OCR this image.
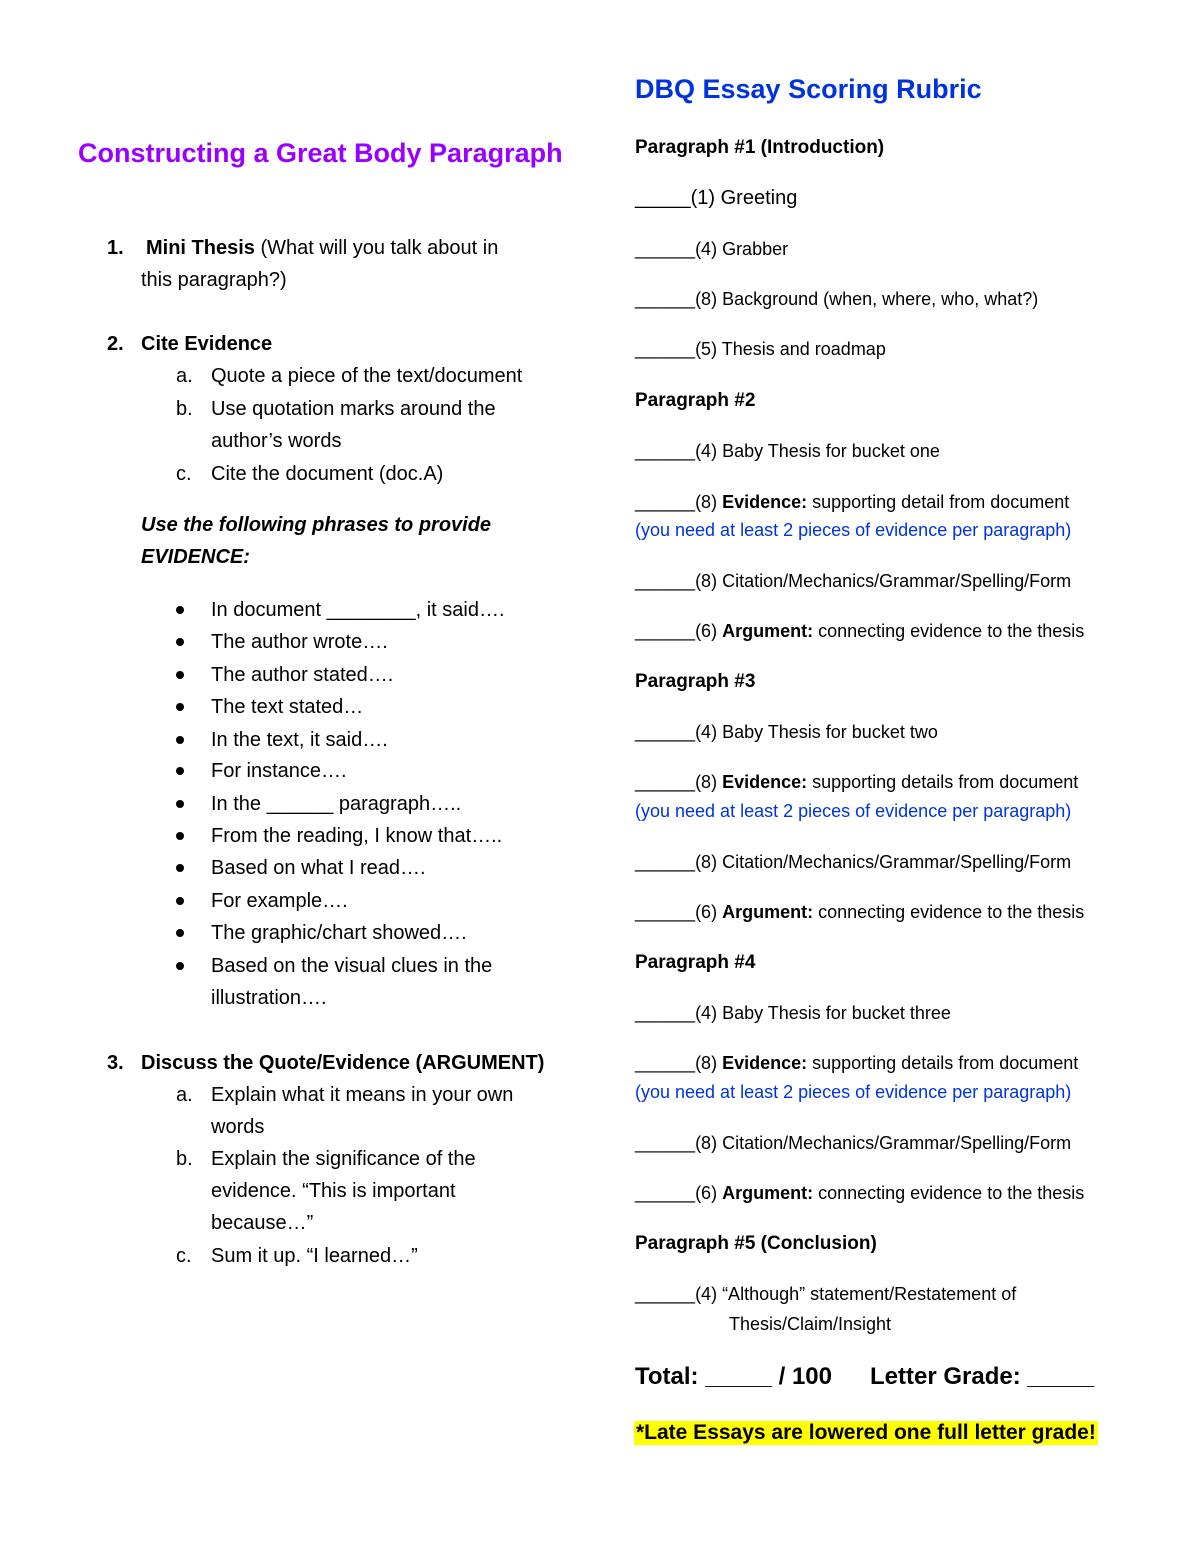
Constructing a Great Body Paragraph
1. Mini Thesis (What will you talk about in
this paragraph?)
2. Cite Evidence
a. Quote a piece of the text/document
b. Use quotation marks around the
author’s words
c. Cite the document (doc.A)
Use the following phrases to provide
EVIDENCE:
In document ________, it said….
The author wrote….
The author stated….
The text stated…
In the text, it said….
For instance….
In the ______ paragraph…..
From the reading, I know that…..
Based on what I read….
For example….
The graphic/chart showed….
Based on the visual clues in the
illustration….
3. Discuss the Quote/Evidence (ARGUMENT)
a. Explain what it means in your own
words
b. Explain the significance of the
evidence. “This is important
because…”
c. Sum it up. “I learned…”
DBQ Essay Scoring Rubric
Paragraph #1 (Introduction)
_____(1) Greeting
______(4) Grabber
______(8) Background (when, where, who, what?)
______(5) Thesis and roadmap
Paragraph #2
______(4) Baby Thesis for bucket one
______(8) Evidence: supporting detail from document
(you need at least 2 pieces of evidence per paragraph)
______(8) Citation/Mechanics/Grammar/Spelling/Form
______(6) Argument: connecting evidence to the thesis
Paragraph #3
______(4) Baby Thesis for bucket two
______(8) Evidence: supporting details from document
(you need at least 2 pieces of evidence per paragraph)
______(8) Citation/Mechanics/Grammar/Spelling/Form
______(6) Argument: connecting evidence to the thesis
Paragraph #4
______(4) Baby Thesis for bucket three
______(8) Evidence: supporting details from document
(you need at least 2 pieces of evidence per paragraph)
______(8) Citation/Mechanics/Grammar/Spelling/Form
______(6) Argument: connecting evidence to the thesis
Paragraph #5 (Conclusion)
______(4) “Although” statement/Restatement of
Thesis/Claim/Insight
Total: _____ / 100 Letter Grade: _____
*Late Essays are lowered one full letter grade!
